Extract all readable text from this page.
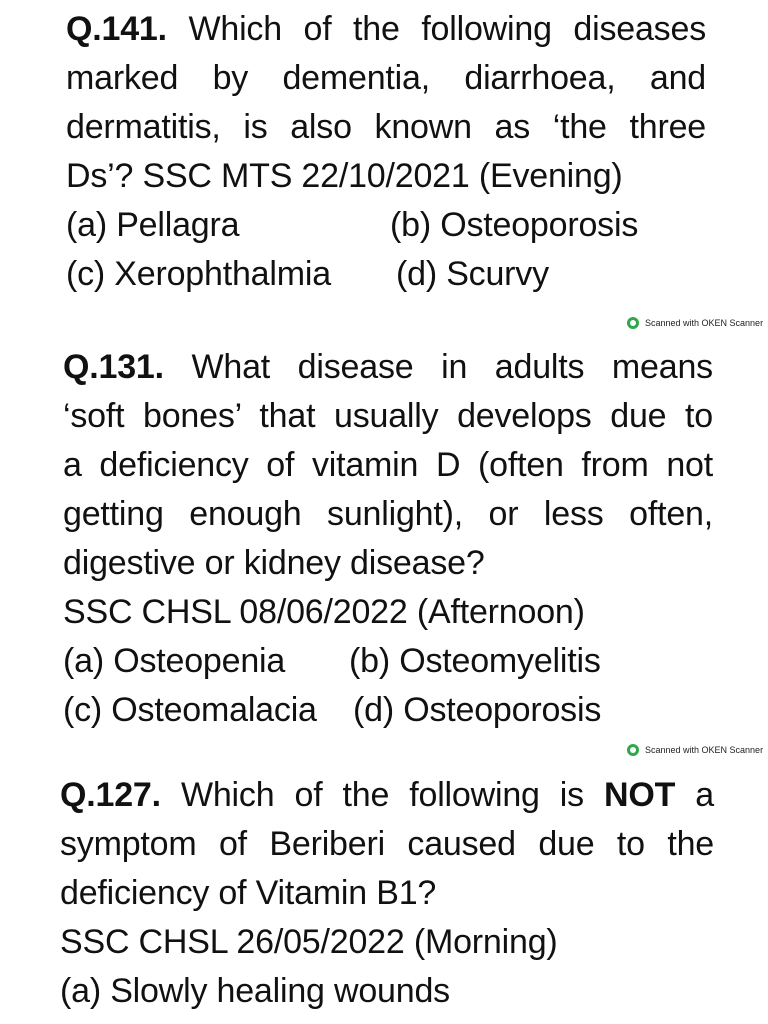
Q.141. Which of the following diseases
marked by dementia, diarrhoea, and
dermatitis, is also known as ‘the three
Ds’? SSC MTS 22/10/2021 (Evening)
(a) Pellagra	(b) Osteoporosis
(c) Xerophthalmia	(d) Scurvy
Scanned with OKEN Scanner
Q.131. What disease in adults means
‘soft bones’ that usually develops due to
a deficiency of vitamin D (often from not
getting enough sunlight), or less often,
digestive or kidney disease?
SSC CHSL 08/06/2022 (Afternoon)
(a) Osteopenia	(b) Osteomyelitis
(c) Osteomalacia	(d) Osteoporosis
Scanned with OKEN Scanner
Q.127. Which of the following is NOT a
symptom of Beriberi caused due to the
deficiency of Vitamin B1?
SSC CHSL 26/05/2022 (Morning)
(a) Slowly healing wounds
